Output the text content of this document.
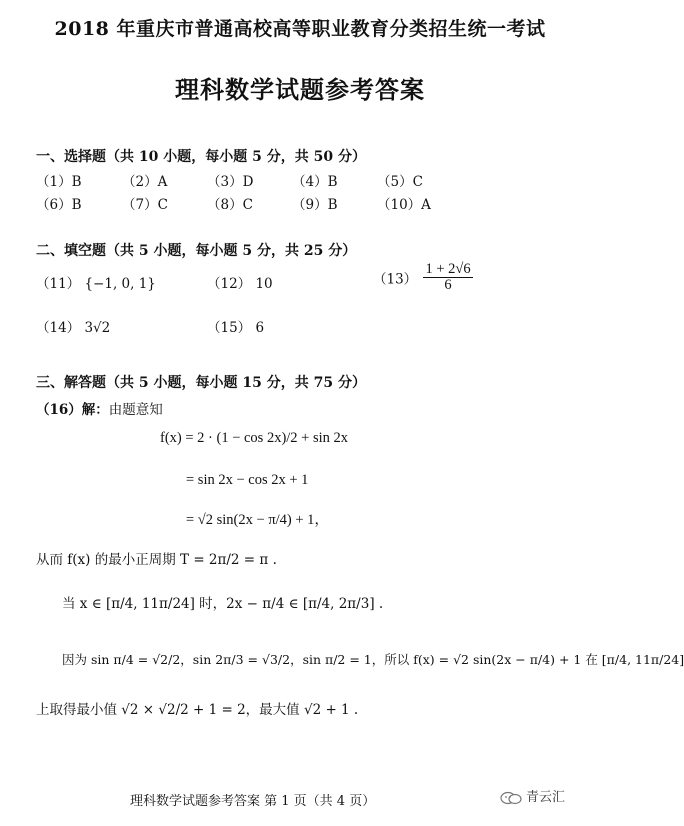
2018 年重庆市普通高校高等职业教育分类招生统一考试
理科数学试题参考答案
一、选择题（共 10 小题，每小题 5 分，共 50 分）
（1）B	（2）A	（3）D	（4）B	（5）C
（6）B	（7）C	（8）C	（9）B	（10）A
二、填空题（共 5 小题，每小题 5 分，共 25 分）
（11） {−1, 0, 1}	（12） 10	$(13) \frac{1 + 2√6}{6}$
（14） 3√2	（15） 6
三、解答题（共 5 小题，每小题 15 分，共 75 分）
（16）解：由题意知
f(x) = 2 · (1 − cos 2x)/2 + sin 2x
= sin 2x − cos 2x + 1
= √2 sin(2x − π/4) + 1，
从而 f(x) 的最小正周期 T = 2π/2 = π .
当 x ∈ [π/4, 11π/24] 时，2x − π/4 ∈ [π/4, 2π/3] .
因为 sin π/4 = √2/2，sin 2π/3 = √3/2，sin π/2 = 1，所以 f(x) = √2 sin(2x − π/4) + 1 在 [π/4, 11π/24]
上取得最小值 √2 × √2/2 + 1 = 2，最大值 √2 + 1 .
理科数学试题参考答案 第 1 页（共 4 页）	青云汇
